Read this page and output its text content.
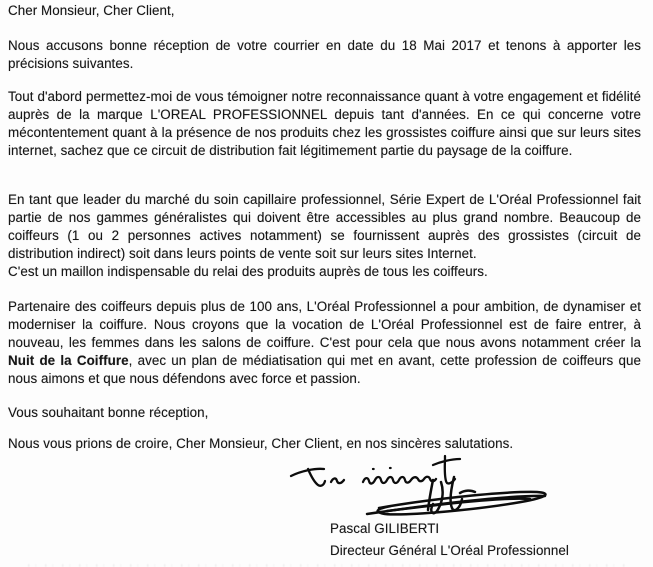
Cher Monsieur, Cher Client,

Nous accusons bonne réception de votre courrier en date du 18 Mai 2017 et tenons à apporter les précisions suivantes.

Tout d'abord permettez-moi de vous témoigner notre reconnaissance quant à votre engagement et fidélité auprès de la marque L'OREAL PROFESSIONNEL depuis tant d'années. En ce qui concerne votre mécontentement quant à la présence de nos produits chez les grossistes coiffure ainsi que sur leurs sites internet, sachez que ce circuit de distribution fait légitimement partie du paysage de la coiffure.

En tant que leader du marché du soin capillaire professionnel, Série Expert de L'Oréal Professionnel fait partie de nos gammes généralistes qui doivent être accessibles au plus grand nombre. Beaucoup de coiffeurs (1 ou 2 personnes actives notamment) se fournissent auprès des grossistes (circuit de distribution indirect) soit dans leurs points de vente soit sur leurs sites Internet.
C'est un maillon indispensable du relai des produits auprès de tous les coiffeurs.

Partenaire des coiffeurs depuis plus de 100 ans, L'Oréal Professionnel a pour ambition, de dynamiser et moderniser la coiffure. Nous croyons que la vocation de L'Oréal Professionnel est de faire entrer, à nouveau, les femmes dans les salons de coiffure. C'est pour cela que nous avons notamment créer la Nuit de la Coiffure, avec un plan de médiatisation qui met en avant, cette profession de coiffeurs que nous aimons et que nous défendons avec force et passion.

Vous souhaitant bonne réception,

Nous vous prions de croire, Cher Monsieur, Cher Client, en nos sincères salutations.

Pascal GILIBERTI

Directeur Général L'Oréal Professionnel
